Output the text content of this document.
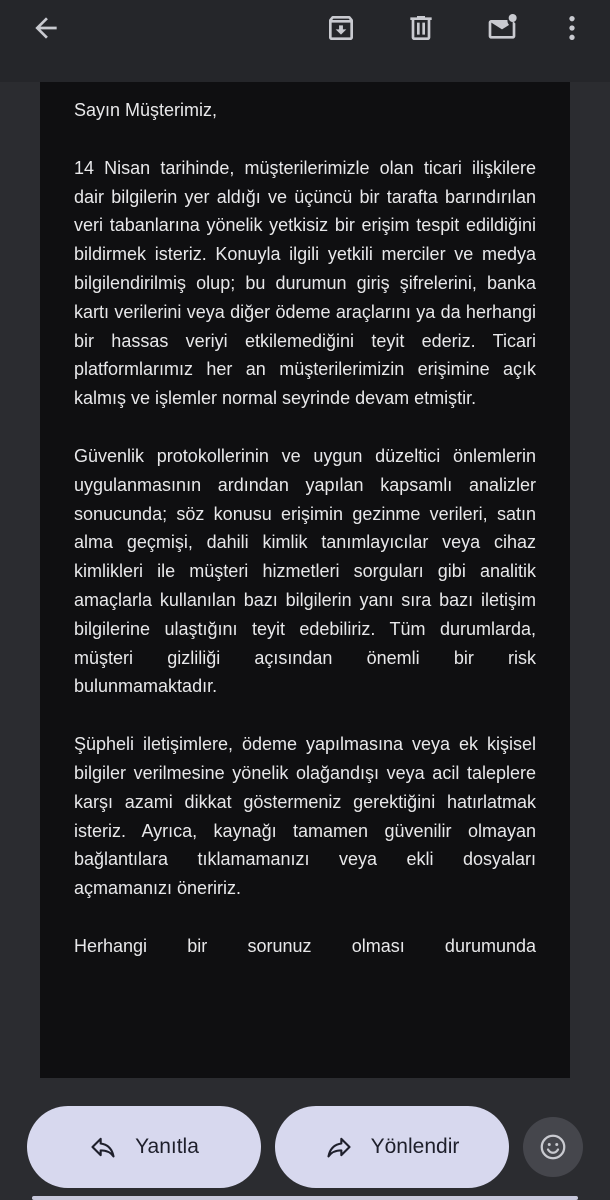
Sayın Müşterimiz,

14 Nisan tarihinde, müşterilerimizle olan ticari ilişkilere dair bilgilerin yer aldığı ve üçüncü bir tarafta barındırılan veri tabanlarına yönelik yetkisiz bir erişim tespit edildiğini bildirmek isteriz. Konuyla ilgili yetkili merciler ve medya bilgilendirilmiş olup; bu durumun giriş şifrelerini, banka kartı verilerini veya diğer ödeme araçlarını ya da herhangi bir hassas veriyi etkilemediğini teyit ederiz. Ticari platformlarımız her an müşterilerimizin erişimine açık kalmış ve işlemler normal seyrinde devam etmiştir.

Güvenlik protokollerinin ve uygun düzeltici önlemlerin uygulanmasının ardından yapılan kapsamlı analizler sonucunda; söz konusu erişimin gezinme verileri, satın alma geçmişi, dahili kimlik tanımlayıcılar veya cihaz kimlikleri ile müşteri hizmetleri sorguları gibi analitik amaçlarla kullanılan bazı bilgilerin yanı sıra bazı iletişim bilgilerine ulaştığını teyit edebiliriz. Tüm durumlarda, müşteri gizliliği açısından önemli bir risk bulunmamaktadır.

Şüpheli iletişimlere, ödeme yapılmasına veya ek kişisel bilgiler verilmesine yönelik olağandışı veya acil taleplere karşı azami dikkat göstermeniz gerektiğini hatırlatmak isteriz. Ayrıca, kaynağı tamamen güvenilir olmayan bağlantılara tıklamamanızı veya ekli dosyaları açmamanızı öneririz.

Herhangi bir sorunuz olması durumunda

Yanıtla	Yönlendir
